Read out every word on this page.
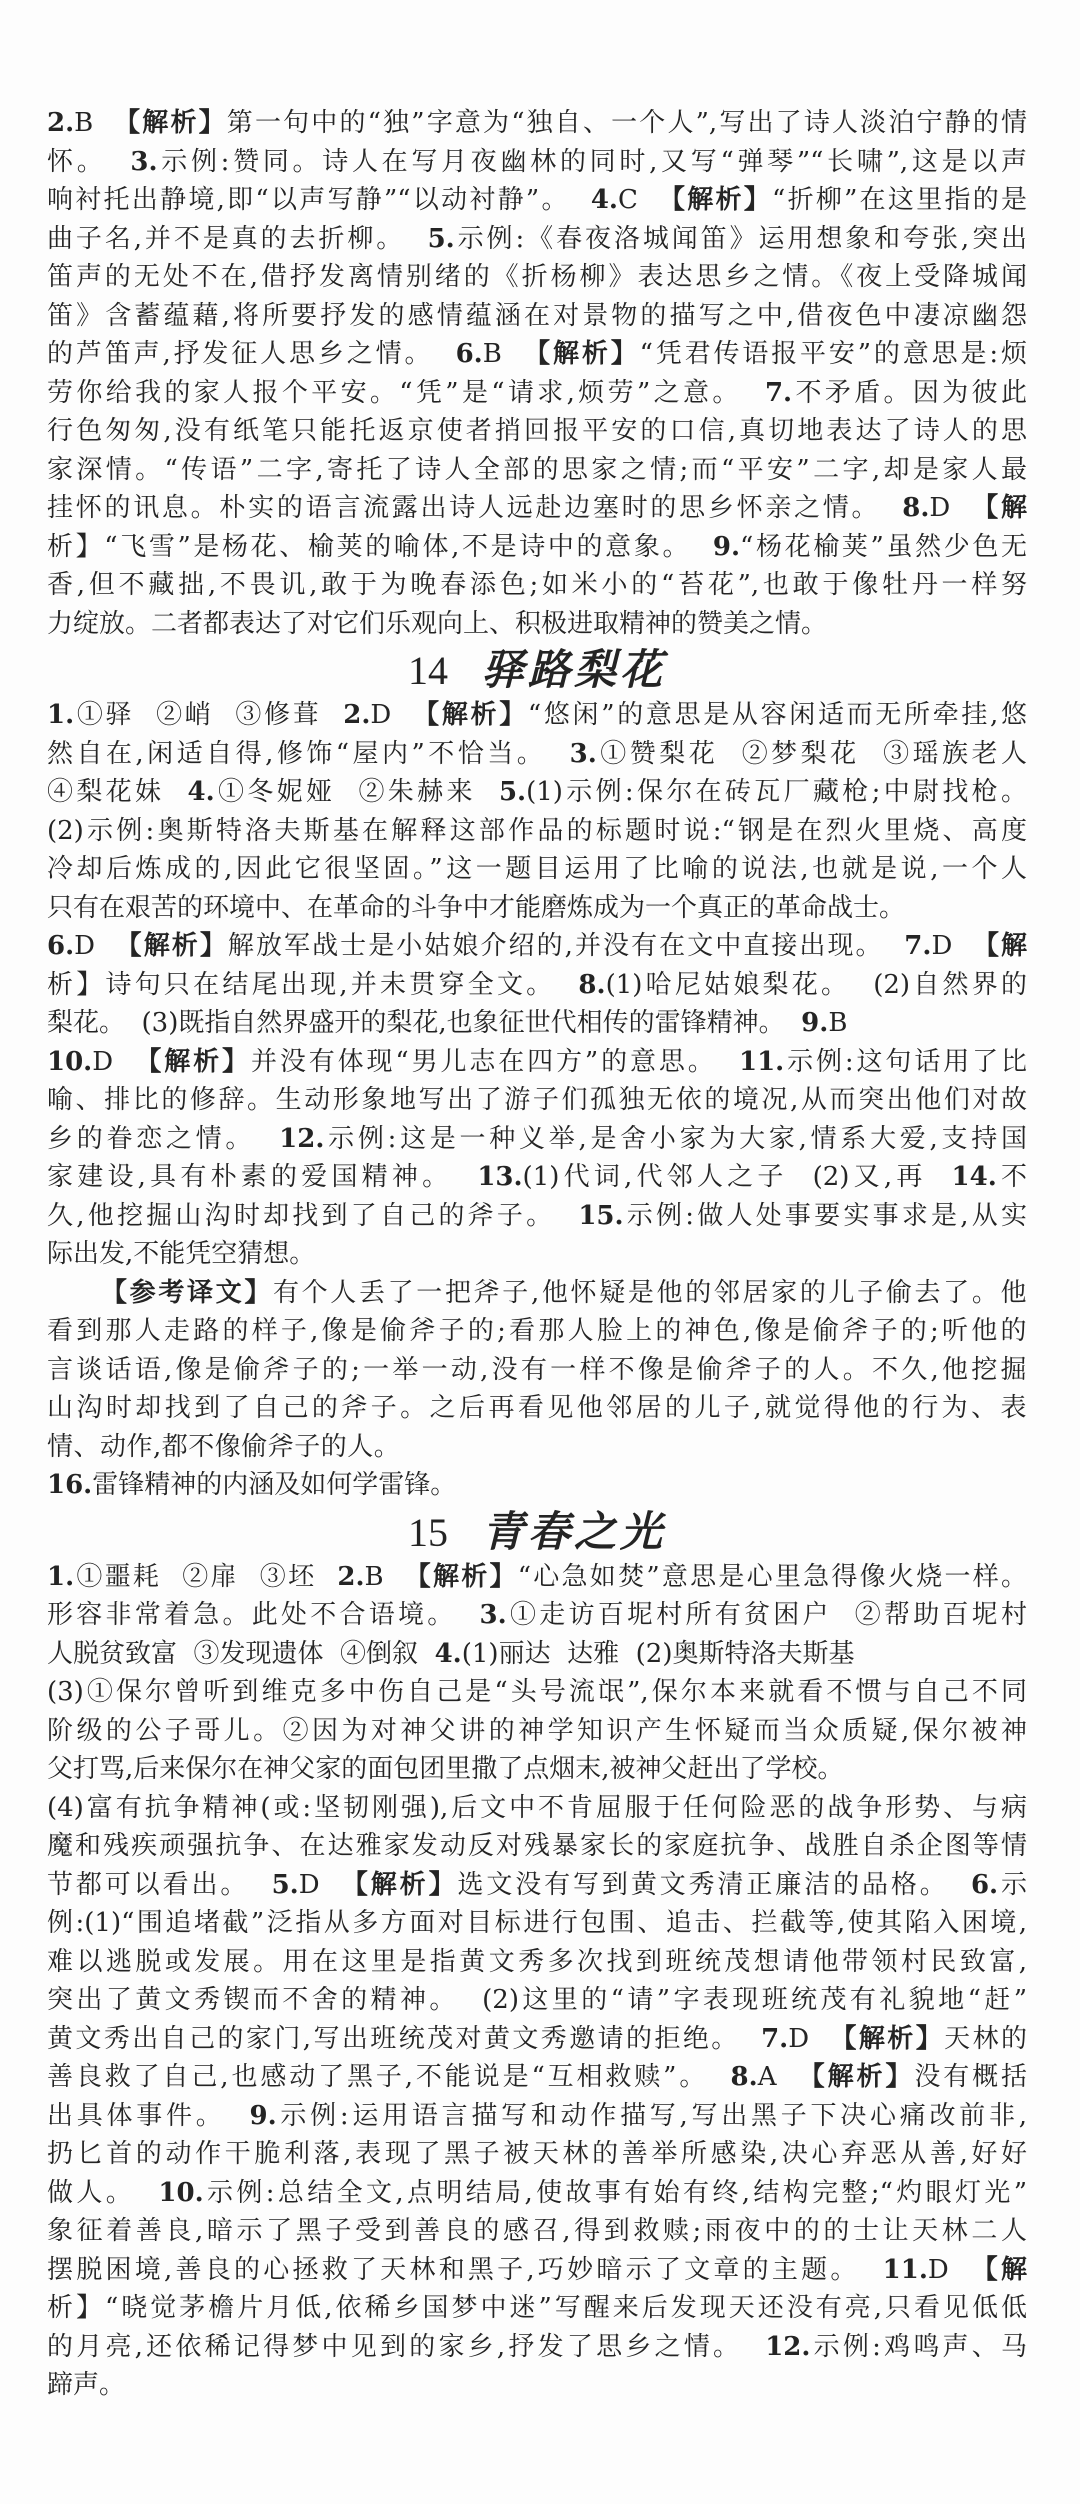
2.B  【解析】第一句中的“独”字意为“独自、一个人”,写出了诗人淡泊宁静的情
怀。  3.示例:赞同。诗人在写月夜幽林的同时,又写“弹琴”“长啸”,这是以声
响衬托出静境,即“以声写静”“以动衬静”。  4.C  【解析】“折柳”在这里指的是
曲子名,并不是真的去折柳。  5.示例:《春夜洛城闻笛》运用想象和夸张,突出
笛声的无处不在,借抒发离情别绪的《折杨柳》表达思乡之情。《夜上受降城闻
笛》含蓄蕴藉,将所要抒发的感情蕴涵在对景物的描写之中,借夜色中凄凉幽怨
的芦笛声,抒发征人思乡之情。  6.B  【解析】“凭君传语报平安”的意思是:烦
劳你给我的家人报个平安。“凭”是“请求,烦劳”之意。  7.不矛盾。因为彼此
行色匆匆,没有纸笔只能托返京使者捎回报平安的口信,真切地表达了诗人的思
家深情。“传语”二字,寄托了诗人全部的思家之情;而“平安”二字,却是家人最
挂怀的讯息。朴实的语言流露出诗人远赴边塞时的思乡怀亲之情。  8.D  【解
析】“飞雪”是杨花、榆荚的喻体,不是诗中的意象。  9.“杨花榆荚”虽然少色无
香,但不藏拙,不畏讥,敢于为晚春添色;如米小的“苔花”,也敢于像牡丹一样努
力绽放。二者都表达了对它们乐观向上、积极进取精神的赞美之情。
14 驿路梨花
1.①驿  ②峭  ③修葺  2.D  【解析】“悠闲”的意思是从容闲适而无所牵挂,悠
然自在,闲适自得,修饰“屋内”不恰当。  3.①赞梨花  ②梦梨花  ③瑶族老人
④梨花妹  4.①冬妮娅  ②朱赫来  5.(1)示例:保尔在砖瓦厂藏枪;中尉找枪。
(2)示例:奥斯特洛夫斯基在解释这部作品的标题时说:“钢是在烈火里烧、高度
冷却后炼成的,因此它很坚固。”这一题目运用了比喻的说法,也就是说,一个人
只有在艰苦的环境中、在革命的斗争中才能磨炼成为一个真正的革命战士。
6.D  【解析】解放军战士是小姑娘介绍的,并没有在文中直接出现。  7.D  【解
析】诗句只在结尾出现,并未贯穿全文。  8.(1)哈尼姑娘梨花。  (2)自然界的
梨花。  (3)既指自然界盛开的梨花,也象征世代相传的雷锋精神。  9.B
10.D  【解析】并没有体现“男儿志在四方”的意思。  11.示例:这句话用了比
喻、排比的修辞。生动形象地写出了游子们孤独无依的境况,从而突出他们对故
乡的眷恋之情。  12.示例:这是一种义举,是舍小家为大家,情系大爱,支持国
家建设,具有朴素的爱国精神。  13.(1)代词,代邻人之子  (2)又,再  14.不
久,他挖掘山沟时却找到了自己的斧子。  15.示例:做人处事要实事求是,从实
际出发,不能凭空猜想。
【参考译文】有个人丢了一把斧子,他怀疑是他的邻居家的儿子偷去了。他
看到那人走路的样子,像是偷斧子的;看那人脸上的神色,像是偷斧子的;听他的
言谈话语,像是偷斧子的;一举一动,没有一样不像是偷斧子的人。不久,他挖掘
山沟时却找到了自己的斧子。之后再看见他邻居的儿子,就觉得他的行为、表
情、动作,都不像偷斧子的人。
16.雷锋精神的内涵及如何学雷锋。
15 青春之光
1.①噩耗  ②扉  ③坯  2.B  【解析】“心急如焚”意思是心里急得像火烧一样。
形容非常着急。此处不合语境。  3.①走访百坭村所有贫困户  ②帮助百坭村
人脱贫致富  ③发现遗体  ④倒叙  4.(1)丽达  达雅  (2)奥斯特洛夫斯基
(3)①保尔曾听到维克多中伤自己是“头号流氓”,保尔本来就看不惯与自己不同
阶级的公子哥儿。②因为对神父讲的神学知识产生怀疑而当众质疑,保尔被神
父打骂,后来保尔在神父家的面包团里撒了点烟末,被神父赶出了学校。
(4)富有抗争精神(或:坚韧刚强),后文中不肯屈服于任何险恶的战争形势、与病
魔和残疾顽强抗争、在达雅家发动反对残暴家长的家庭抗争、战胜自杀企图等情
节都可以看出。  5.D  【解析】选文没有写到黄文秀清正廉洁的品格。  6.示
例:(1)“围追堵截”泛指从多方面对目标进行包围、追击、拦截等,使其陷入困境,
难以逃脱或发展。用在这里是指黄文秀多次找到班统茂想请他带领村民致富,
突出了黄文秀锲而不舍的精神。  (2)这里的“请”字表现班统茂有礼貌地“赶”
黄文秀出自己的家门,写出班统茂对黄文秀邀请的拒绝。  7.D  【解析】天林的
善良救了自己,也感动了黑子,不能说是“互相救赎”。  8.A  【解析】没有概括
出具体事件。  9.示例:运用语言描写和动作描写,写出黑子下决心痛改前非,
扔匕首的动作干脆利落,表现了黑子被天林的善举所感染,决心弃恶从善,好好
做人。  10.示例:总结全文,点明结局,使故事有始有终,结构完整;“灼眼灯光”
象征着善良,暗示了黑子受到善良的感召,得到救赎;雨夜中的的士让天林二人
摆脱困境,善良的心拯救了天林和黑子,巧妙暗示了文章的主题。  11.D  【解
析】“晓觉茅檐片月低,依稀乡国梦中迷”写醒来后发现天还没有亮,只看见低低
的月亮,还依稀记得梦中见到的家乡,抒发了思乡之情。  12.示例:鸡鸣声、马
蹄声。
